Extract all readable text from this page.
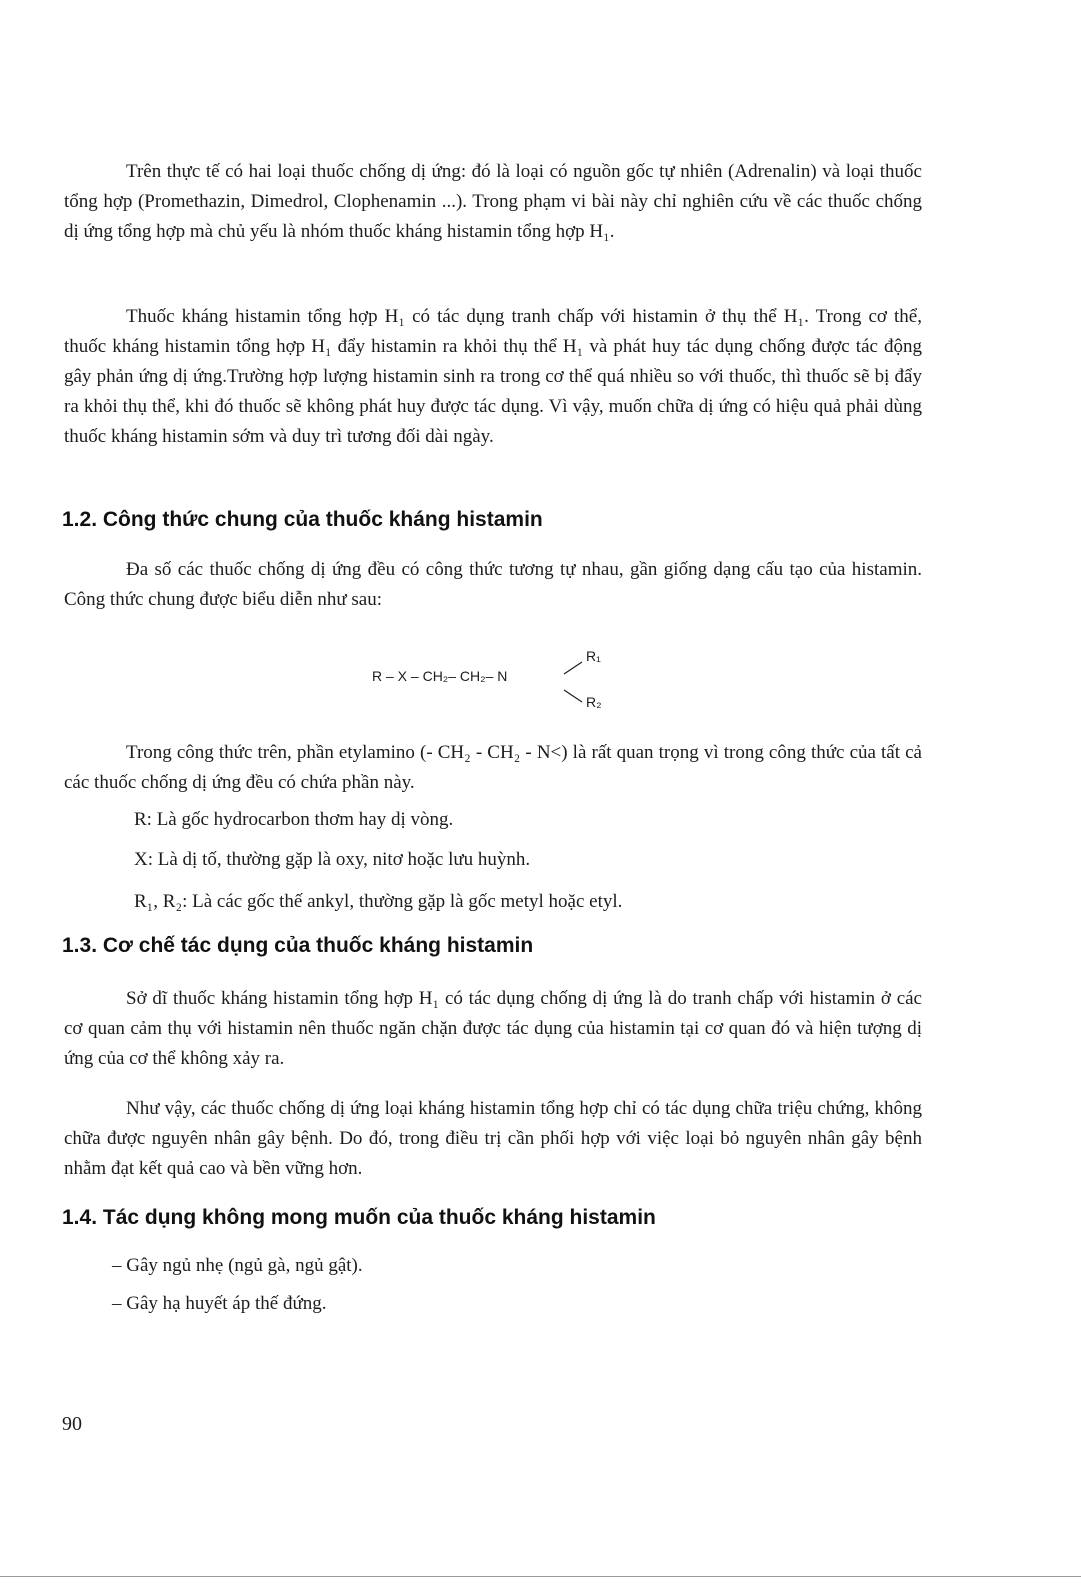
Trên thực tế có hai loại thuốc chống dị ứng: đó là loại có nguồn gốc tự nhiên (Adrenalin) và loại thuốc tổng hợp (Promethazin, Dimedrol, Clophenamin ...). Trong phạm vi bài này chỉ nghiên cứu về các thuốc chống dị ứng tổng hợp mà chủ yếu là nhóm thuốc kháng histamin tổng hợp H₁.

Thuốc kháng histamin tổng hợp H₁ có tác dụng tranh chấp với histamin ở thụ thể H₁. Trong cơ thể, thuốc kháng histamin tổng hợp H₁ đẩy histamin ra khỏi thụ thể H₁ và phát huy tác dụng chống được tác động gây phản ứng dị ứng.Trường hợp lượng histamin sinh ra trong cơ thể quá nhiều so với thuốc, thì thuốc sẽ bị đẩy ra khỏi thụ thể, khi đó thuốc sẽ không phát huy được tác dụng. Vì vậy, muốn chữa dị ứng có hiệu quả phải dùng thuốc kháng histamin sớm và duy trì tương đối dài ngày.

1.2. Công thức chung của thuốc kháng histamin

Đa số các thuốc chống dị ứng đều có công thức tương tự nhau, gần giống dạng cấu tạo của histamin. Công thức chung được biểu diễn như sau:

R – X – CH₂– CH₂– N
R₁
R₂

Trong công thức trên, phần etylamino (- CH₂ - CH₂ - N<) là rất quan trọng vì trong công thức của tất cả các thuốc chống dị ứng đều có chứa phần này.

R: Là gốc hydrocarbon thơm hay dị vòng.

X: Là dị tố, thường gặp là oxy, nitơ hoặc lưu huỳnh.

R₁, R₂: Là các gốc thế ankyl, thường gặp là gốc metyl hoặc etyl.

1.3. Cơ chế tác dụng của thuốc kháng histamin

Sở dĩ thuốc kháng histamin tổng hợp H₁ có tác dụng chống dị ứng là do tranh chấp với histamin ở các cơ quan cảm thụ với histamin nên thuốc ngăn chặn được tác dụng của histamin tại cơ quan đó và hiện tượng dị ứng của cơ thể không xảy ra.

Như vậy, các thuốc chống dị ứng loại kháng histamin tổng hợp chỉ có tác dụng chữa triệu chứng, không chữa được nguyên nhân gây bệnh. Do đó, trong điều trị cần phối hợp với việc loại bỏ nguyên nhân gây bệnh nhằm đạt kết quả cao và bền vững hơn.

1.4. Tác dụng không mong muốn của thuốc kháng histamin

– Gây ngủ nhẹ (ngủ gà, ngủ gật).

– Gây hạ huyết áp thế đứng.

90
